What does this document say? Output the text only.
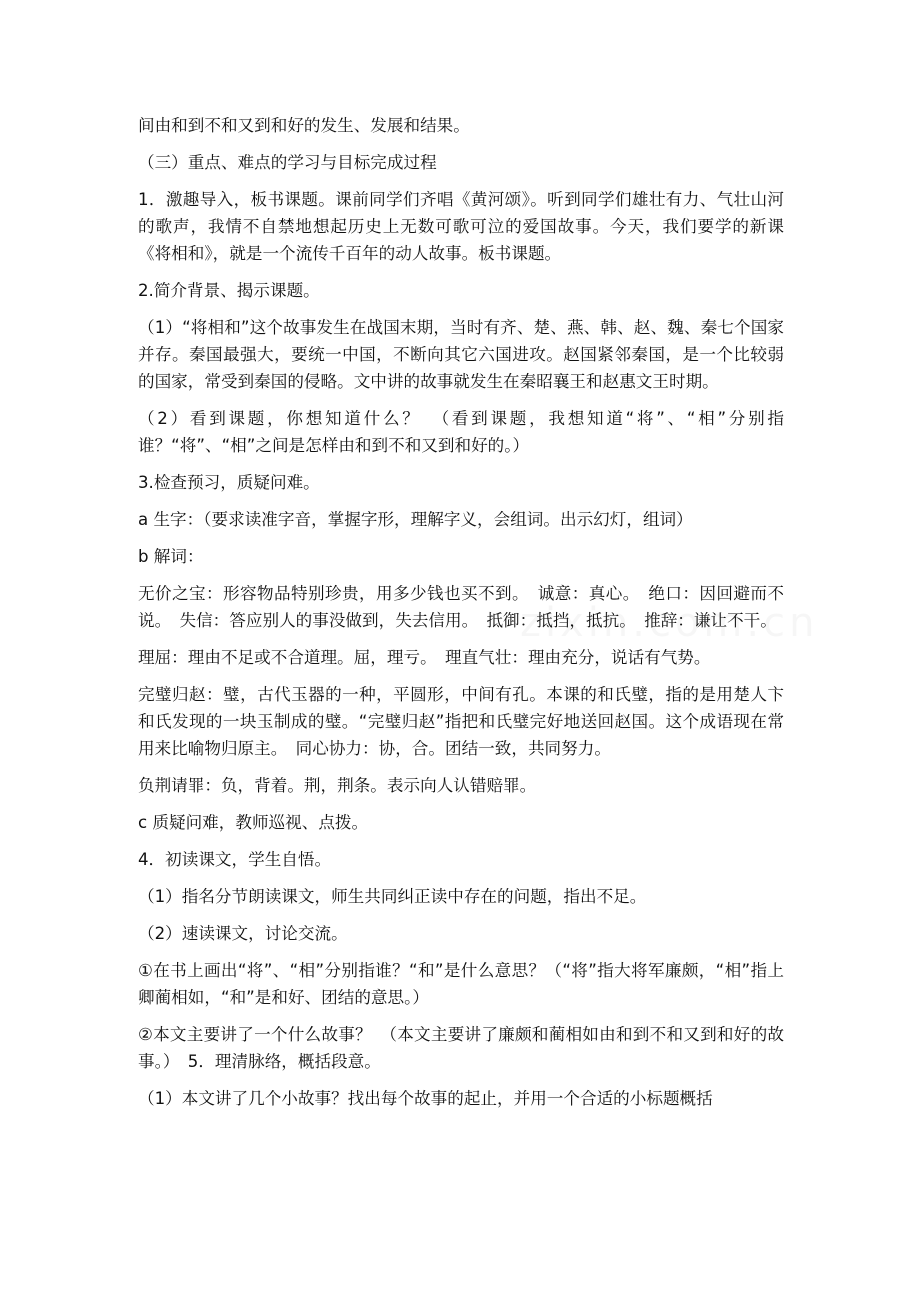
间由和到不和又到和好的发生、发展和结果。

（三）重点、难点的学习与目标完成过程

1．激趣导入，板书课题。课前同学们齐唱《黄河颂》。听到同学们雄壮有力、气壮山河的歌声，我情不自禁地想起历史上无数可歌可泣的爱国故事。今天，我们要学的新课《将相和》，就是一个流传千百年的动人故事。板书课题。

2.简介背景、揭示课题。

（1）“将相和”这个故事发生在战国末期，当时有齐、楚、燕、韩、赵、魏、秦七个国家并存。秦国最强大，要统一中国，不断向其它六国进攻。赵国紧邻秦国，是一个比较弱的国家，常受到秦国的侵略。文中讲的故事就发生在秦昭襄王和赵惠文王时期。

（2）看到课题，你想知道什么？　（看到课题，我想知道“将”、“相”分别指谁？“将”、“相”之间是怎样由和到不和又到和好的。）

3.检查预习，质疑问难。

a 生字：（要求读准字音，掌握字形，理解字义，会组词。出示幻灯，组词）

b 解词：

无价之宝：形容物品特别珍贵，用多少钱也买不到。　诚意：真心。　绝口：因回避而不说。　失信：答应别人的事没做到，失去信用。　抵御：抵挡，抵抗。　推辞：谦让不干。

理屈：理由不足或不合道理。屈，理亏。　理直气壮：理由充分，说话有气势。

完璧归赵：璧，古代玉器的一种，平圆形，中间有孔。本课的和氏璧，指的是用楚人卞和氏发现的一块玉制成的璧。“完璧归赵”指把和氏璧完好地送回赵国。这个成语现在常用来比喻物归原主。　同心协力：协，合。团结一致，共同努力。

负荆请罪：负，背着。荆，荆条。表示向人认错赔罪。

c 质疑问难，教师巡视、点拨。

4．初读课文，学生自悟。

（1）指名分节朗读课文，师生共同纠正读中存在的问题，指出不足。

（2）速读课文，讨论交流。

①在书上画出“将”、“相”分别指谁？“和”是什么意思？（“将”指大将军廉颇，“相”指上卿蔺相如，“和”是和好、团结的意思。）

②本文主要讲了一个什么故事？　（本文主要讲了廉颇和蔺相如由和到不和又到和好的故事。）　5．理清脉络，概括段意。

（1）本文讲了几个小故事？找出每个故事的起止，并用一个合适的小标题概括
